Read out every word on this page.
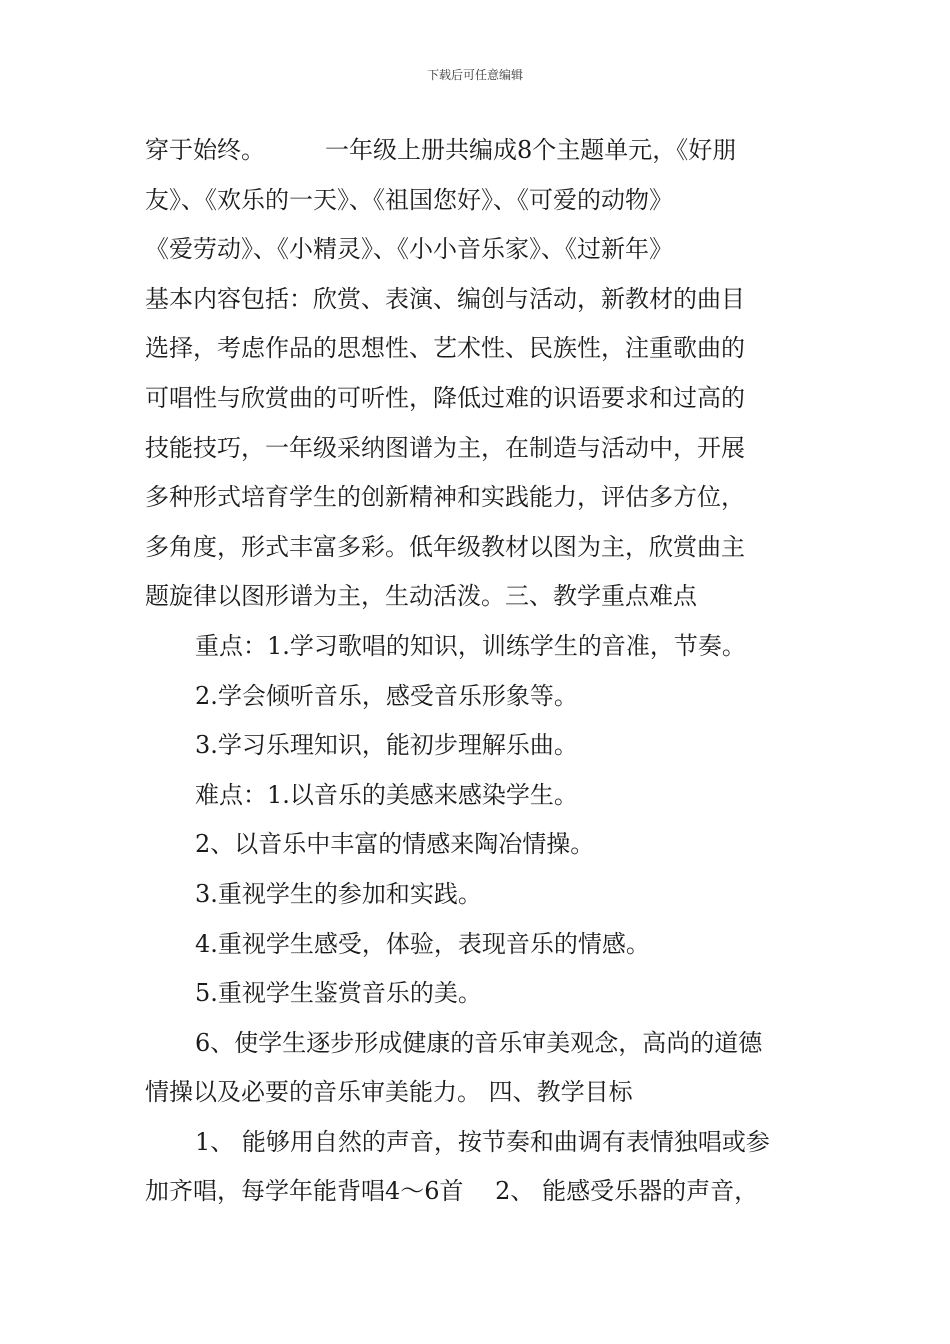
下载后可任意编辑
穿于始终。　　　一年级上册共编成8个主题单元，《好朋
友》、《欢乐的一天》、《祖国您好》、《可爱的动物》
《爱劳动》、《小精灵》、《小小音乐家》、《过新年》
基本内容包括：欣赏、表演、编创与活动，新教材的曲目
选择，考虑作品的思想性、艺术性、民族性，注重歌曲的
可唱性与欣赏曲的可听性，降低过难的识语要求和过高的
技能技巧，一年级采纳图谱为主，在制造与活动中，开展
多种形式培育学生的创新精神和实践能力，评估多方位，
多角度，形式丰富多彩。低年级教材以图为主，欣赏曲主
题旋律以图形谱为主，生动活泼。三、教学重点难点
重点：1.学习歌唱的知识，训练学生的音准，节奏。
2.学会倾听音乐，感受音乐形象等。
3.学习乐理知识，能初步理解乐曲。
难点：1.以音乐的美感来感染学生。
2、以音乐中丰富的情感来陶冶情操。
3.重视学生的参加和实践。
4.重视学生感受，体验，表现音乐的情感。
5.重视学生鉴赏音乐的美。
6、使学生逐步形成健康的音乐审美观念，高尚的道德
情操以及必要的音乐审美能力。 四、教学目标
1、 能够用自然的声音，按节奏和曲调有表情独唱或参
加齐唱，每学年能背唱4～6首　 2、 能感受乐器的声音，
